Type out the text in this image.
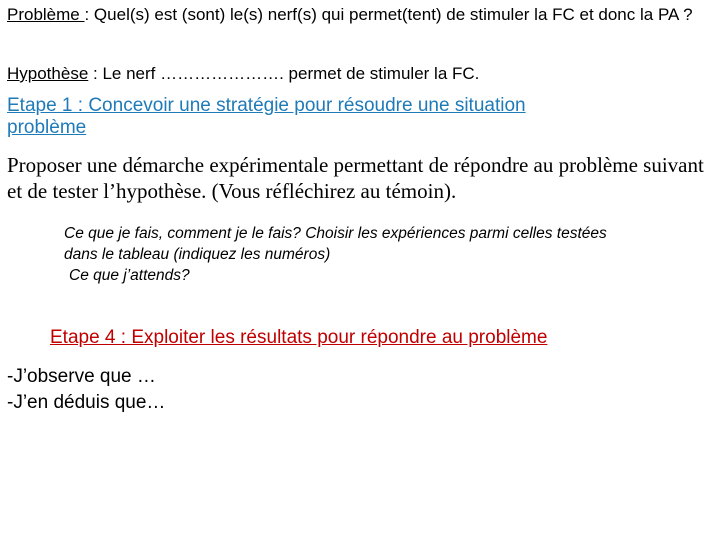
Problème : Quel(s) est (sont) le(s) nerf(s) qui permet(tent) de stimuler la FC et donc la PA ?
Hypothèse : Le nerf …………………. permet de stimuler la FC.
Etape 1 : Concevoir une stratégie pour résoudre une situation
problème
Proposer une démarche expérimentale permettant de répondre au problème suivant et de tester l’hypothèse. (Vous réfléchirez au témoin).
Ce que je fais, comment je le fais? Choisir les expériences parmi celles testées
dans le tableau (indiquez les numéros)
Ce que j’attends?
Etape 4 : Exploiter les résultats pour répondre au problème
-J’observe que …
-J’en déduis que…
